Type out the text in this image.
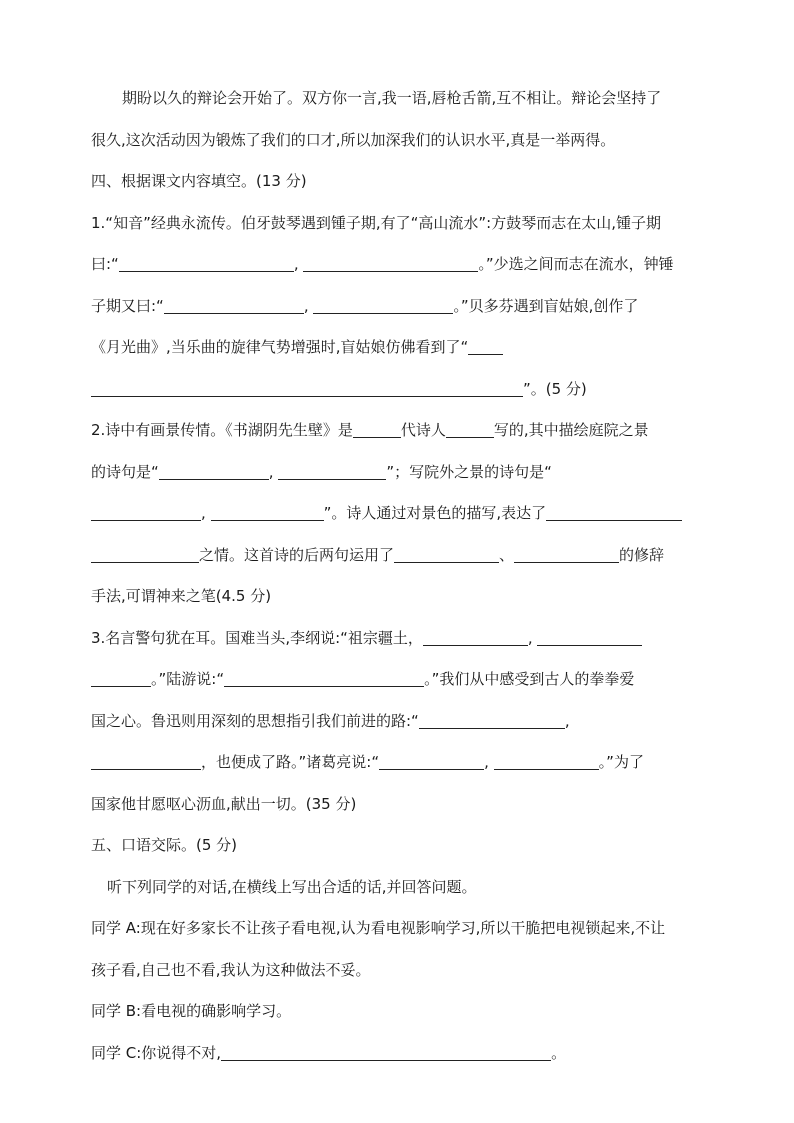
期盼以久的辩论会开始了。双方你一言,我一语,唇枪舌箭,互不相让。辩论会坚持了
很久,这次活动因为锻炼了我们的口才,所以加深我们的认识水平,真是一举两得。
四、根据课文内容填空。(13 分)
1.“知音”经典永流传。伯牙鼓琴遇到锺子期,有了“高山流水”:方鼓琴而志在太山,锺子期
曰:“	,	。”少选之间而志在流水，钟锤
子期又曰:“	,	。”贝多芬遇到盲姑娘,创作了
《月光曲》,当乐曲的旋律气势增强时,盲姑娘仿佛看到了“
”。(5 分)
2.诗中有画景传情。《书湖阴先生壁》是	代诗人	写的,其中描绘庭院之景
的诗句是“	,	”；写院外之景的诗句是“
,	”。诗人通过对景色的描写,表达了
之情。这首诗的后两句运用了	、	的修辞
手法,可谓神来之笔(4.5 分)
3.名言警句犹在耳。国难当头,李纲说:“祖宗疆土，	,
。”陆游说:“	。”我们从中感受到古人的拳拳爱
国之心。鲁迅则用深刻的思想指引我们前进的路:“	,
，也便成了路。”诸葛亮说:“	,	。”为了
国家他甘愿呕心沥血,献出一切。(35 分)
五、口语交际。(5 分)
听下列同学的对话,在横线上写出合适的话,并回答问题。
同学 A:现在好多家长不让孩子看电视,认为看电视影响学习,所以干脆把电视锁起来,不让
孩子看,自己也不看,我认为这种做法不妥。
同学 B:看电视的确影响学习。
同学 C:你说得不对,	。
